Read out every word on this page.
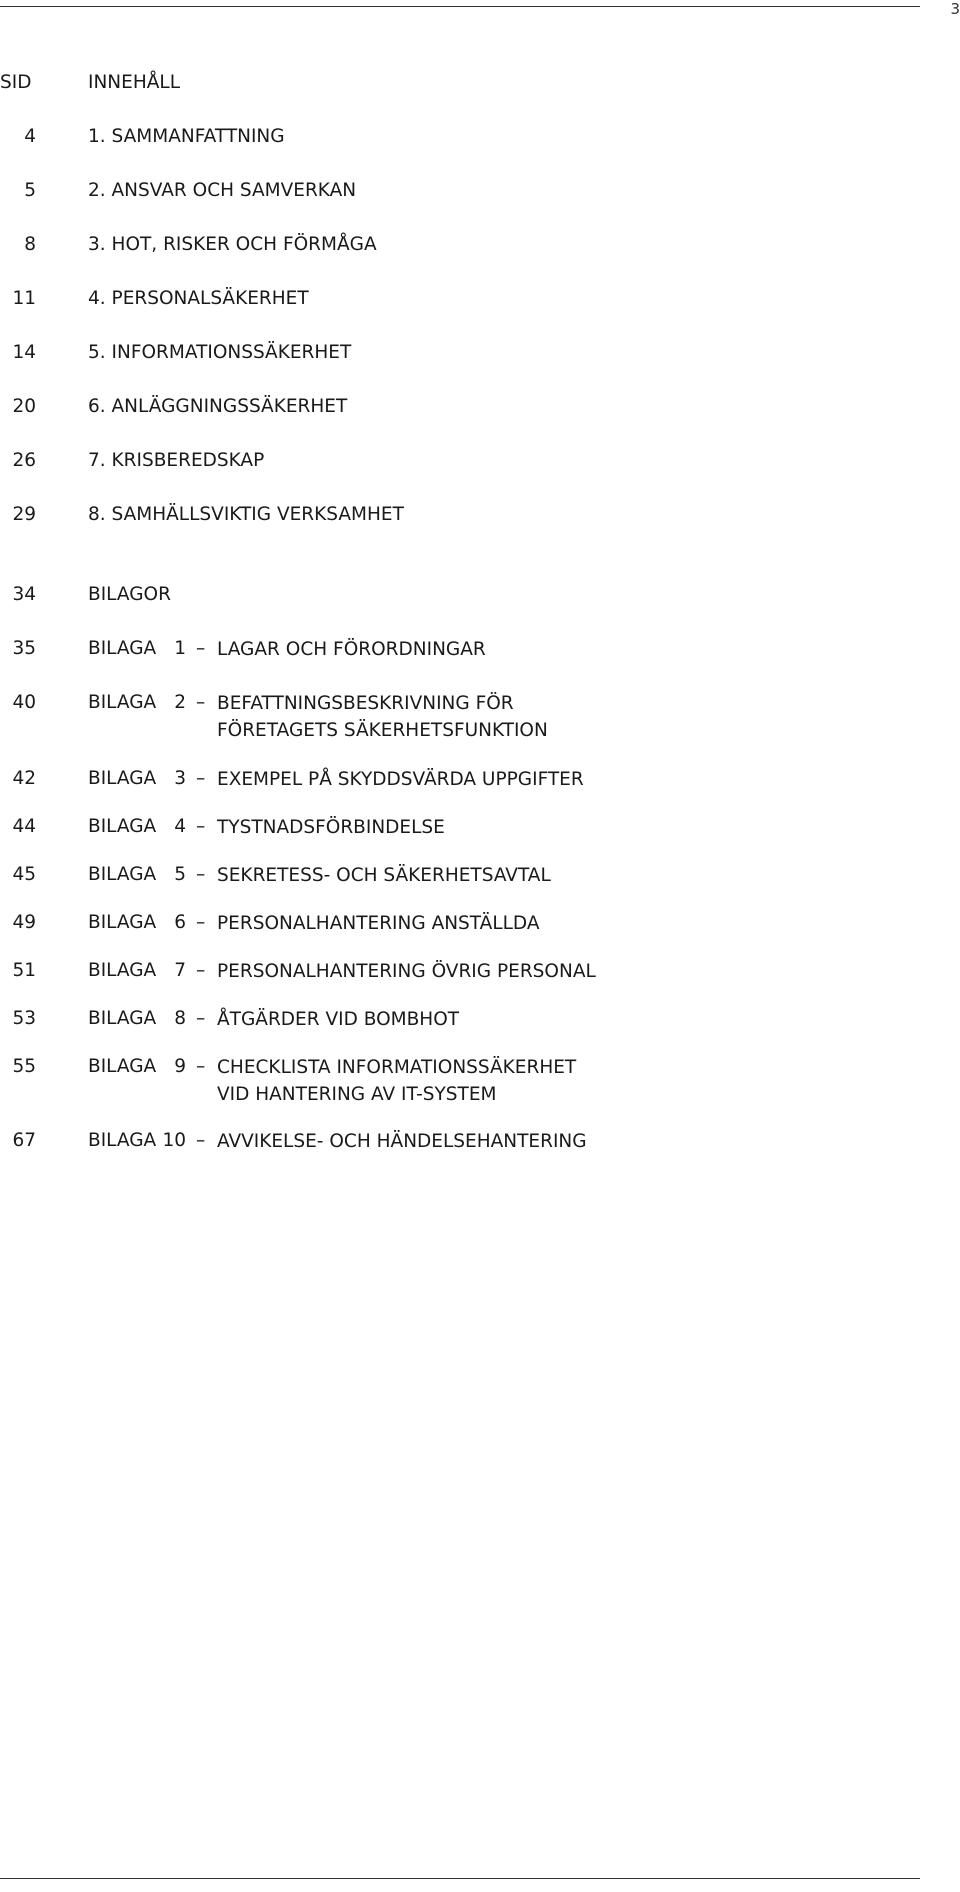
3
SID	INNEHÅLL
4	1. SAMMANFATTNING
5	2. ANSVAR OCH SAMVERKAN
8	3. HOT, RISKER OCH FÖRMÅGA
11	4. PERSONALSÄKERHET
14	5. INFORMATIONSSÄKERHET
20	6. ANLÄGGNINGSSÄKERHET
26	7. KRISBEREDSKAP
29	8. SAMHÄLLSVIKTIG VERKSAMHET
34	BILAGOR
35	BILAGA 1 – LAGAR OCH FÖRORDNINGAR
40	BILAGA 2 – BEFATTNINGSBESKRIVNING FÖR
FÖRETAGETS SÄKERHETSFUNKTION
42	BILAGA 3 – EXEMPEL PÅ SKYDDSVÄRDA UPPGIFTER
44	BILAGA 4 – TYSTNADSFÖRBINDELSE
45	BILAGA 5 – SEKRETESS- OCH SÄKERHETSAVTAL
49	BILAGA 6 – PERSONALHANTERING ANSTÄLLDA
51	BILAGA 7 – PERSONALHANTERING ÖVRIG PERSONAL
53	BILAGA 8 – ÅTGÄRDER VID BOMBHOT
55	BILAGA 9 – CHECKLISTA INFORMATIONSSÄKERHET
VID HANTERING AV IT-SYSTEM
67	BILAGA 10 – AVVIKELSE- OCH HÄNDELSEHANTERING
